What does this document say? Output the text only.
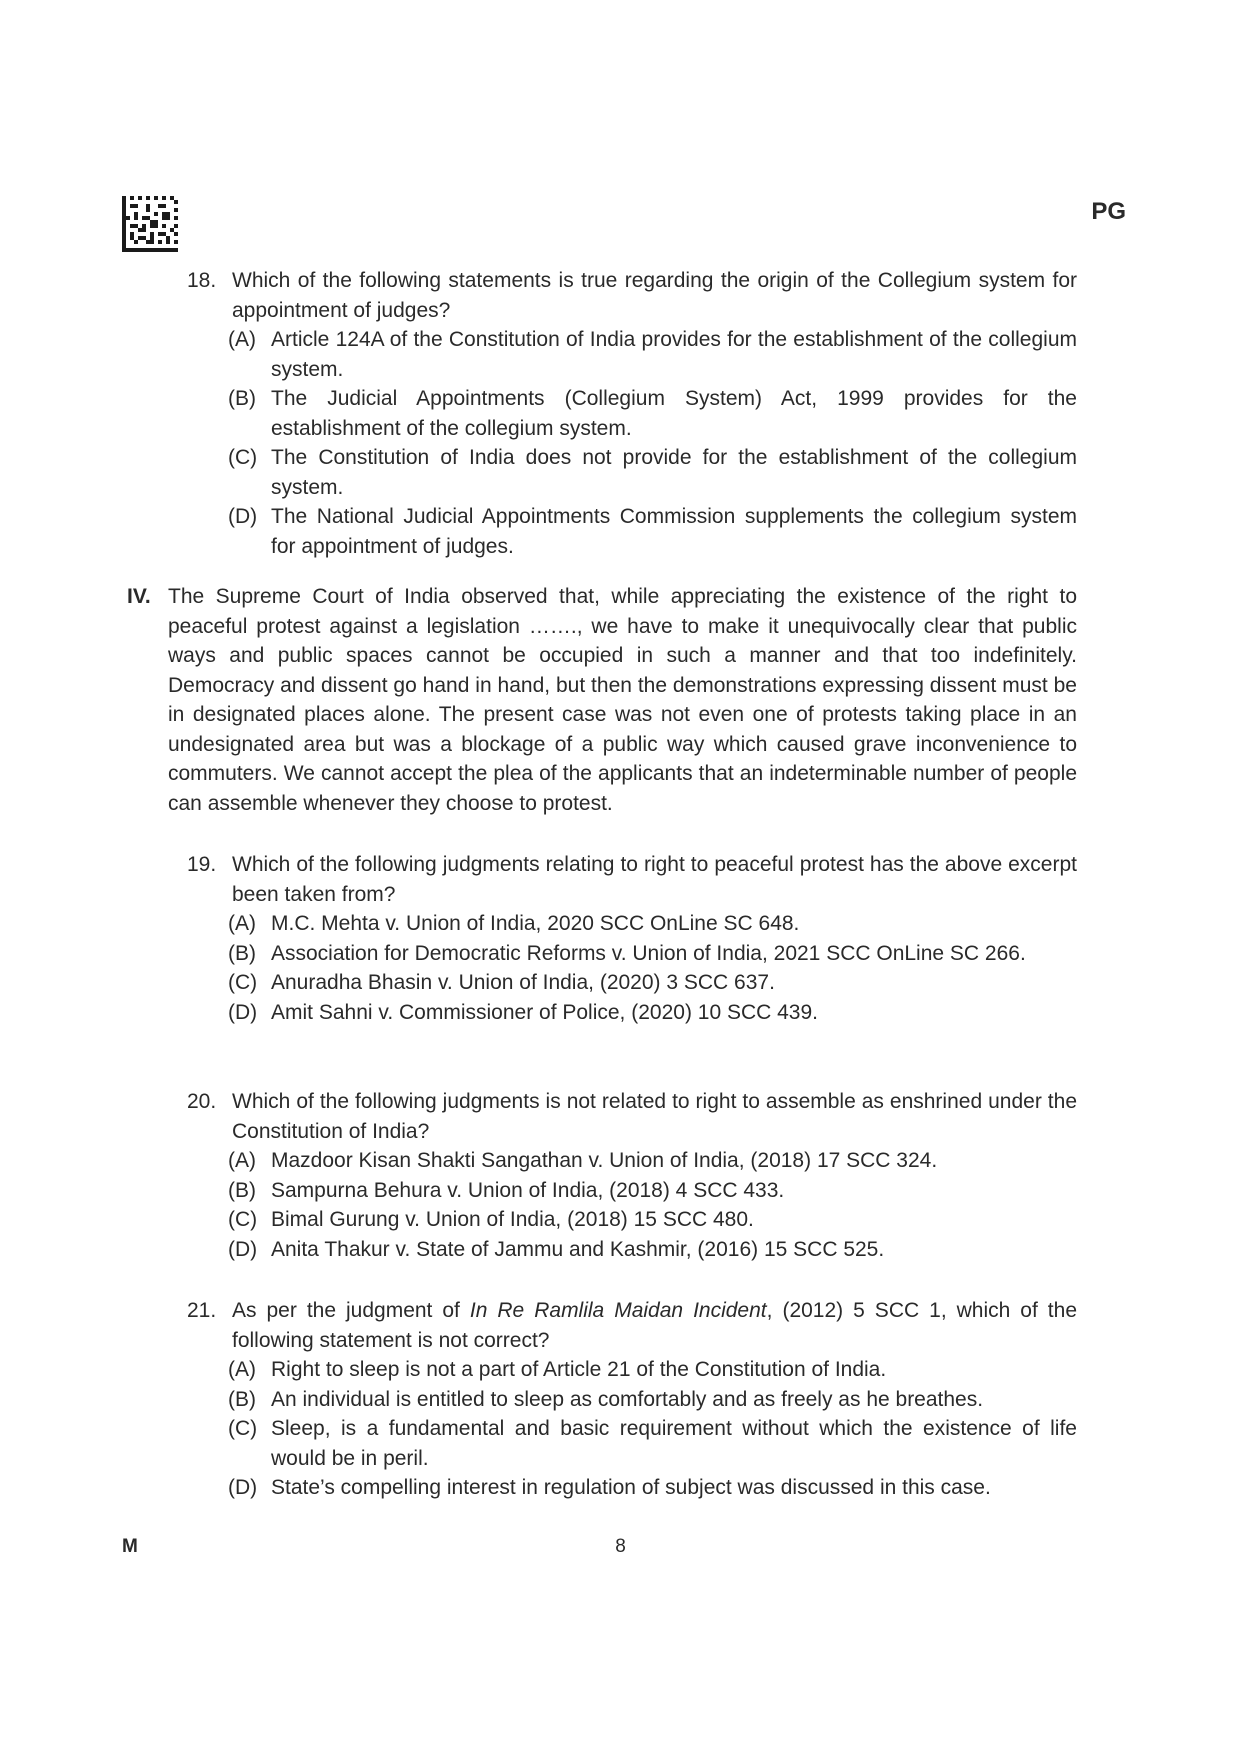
PG
18. Which of the following statements is true regarding the origin of the Collegium system for appointment of judges?
(A) Article 124A of the Constitution of India provides for the establishment of the collegium system.
(B) The Judicial Appointments (Collegium System) Act, 1999 provides for the establishment of the collegium system.
(C) The Constitution of India does not provide for the establishment of the collegium system.
(D) The National Judicial Appointments Commission supplements the collegium system for appointment of judges.
IV. The Supreme Court of India observed that, while appreciating the existence of the right to peaceful protest against a legislation ……., we have to make it unequivocally clear that public ways and public spaces cannot be occupied in such a manner and that too indefinitely. Democracy and dissent go hand in hand, but then the demonstrations expressing dissent must be in designated places alone. The present case was not even one of protests taking place in an undesignated area but was a blockage of a public way which caused grave inconvenience to commuters. We cannot accept the plea of the applicants that an indeterminable number of people can assemble whenever they choose to protest.
19. Which of the following judgments relating to right to peaceful protest has the above excerpt been taken from?
(A) M.C. Mehta v. Union of India, 2020 SCC OnLine SC 648.
(B) Association for Democratic Reforms v. Union of India, 2021 SCC OnLine SC 266.
(C) Anuradha Bhasin v. Union of India, (2020) 3 SCC 637.
(D) Amit Sahni v. Commissioner of Police, (2020) 10 SCC 439.
20. Which of the following judgments is not related to right to assemble as enshrined under the Constitution of India?
(A) Mazdoor Kisan Shakti Sangathan v. Union of India, (2018) 17 SCC 324.
(B) Sampurna Behura v. Union of India, (2018) 4 SCC 433.
(C) Bimal Gurung v. Union of India, (2018) 15 SCC 480.
(D) Anita Thakur v. State of Jammu and Kashmir, (2016) 15 SCC 525.
21. As per the judgment of In Re Ramlila Maidan Incident, (2012) 5 SCC 1, which of the following statement is not correct?
(A) Right to sleep is not a part of Article 21 of the Constitution of India.
(B) An individual is entitled to sleep as comfortably and as freely as he breathes.
(C) Sleep, is a fundamental and basic requirement without which the existence of life would be in peril.
(D) State’s compelling interest in regulation of subject was discussed in this case.
M	8
